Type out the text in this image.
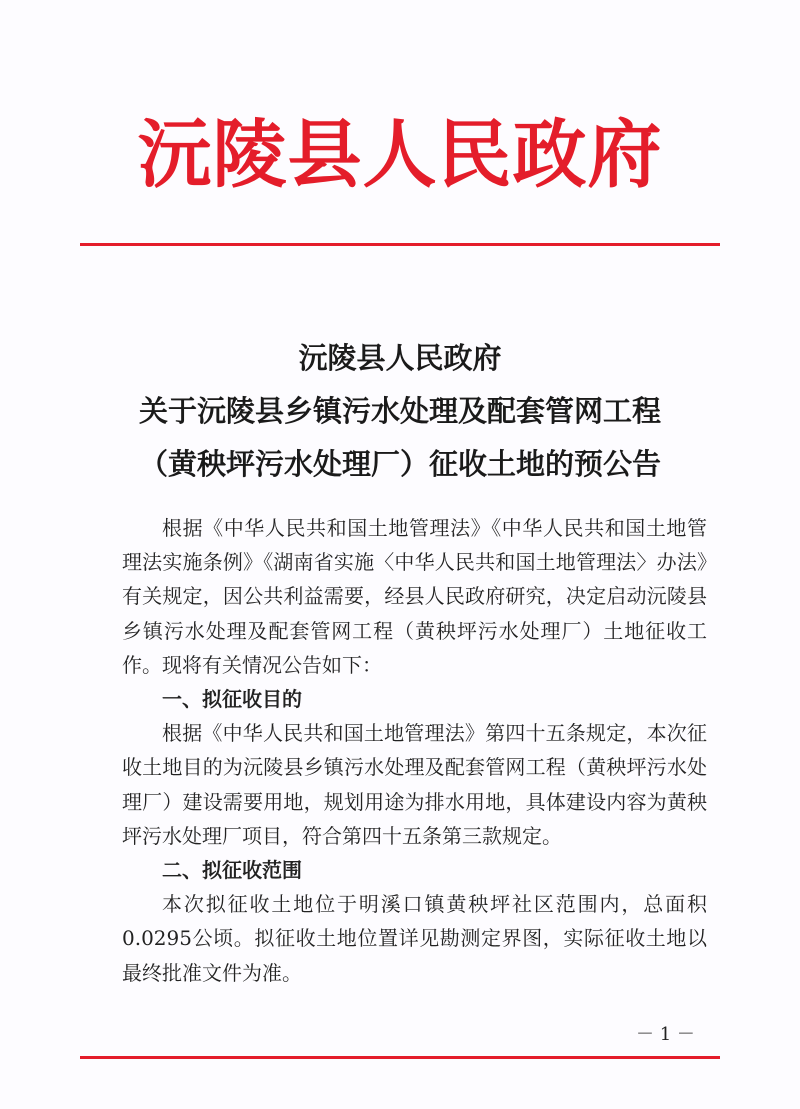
沅陵县人民政府
沅陵县人民政府
关于沅陵县乡镇污水处理及配套管网工程
（黄秧坪污水处理厂）征收土地的预公告

根据《中华人民共和国土地管理法》《中华人民共和国土地管理法实施条例》《湖南省实施〈中华人民共和国土地管理法〉办法》有关规定，因公共利益需要，经县人民政府研究，决定启动沅陵县乡镇污水处理及配套管网工程（黄秧坪污水处理厂）土地征收工作。现将有关情况公告如下：

一、拟征收目的

根据《中华人民共和国土地管理法》第四十五条规定，本次征收土地目的为沅陵县乡镇污水处理及配套管网工程（黄秧坪污水处理厂）建设需要用地，规划用途为排水用地，具体建设内容为黄秧坪污水处理厂项目，符合第四十五条第三款规定。

二、拟征收范围

本次拟征收土地位于明溪口镇黄秧坪社区范围内，总面积0.0295公顷。拟征收土地位置详见勘测定界图，实际征收土地以最终批准文件为准。

－ 1 －
